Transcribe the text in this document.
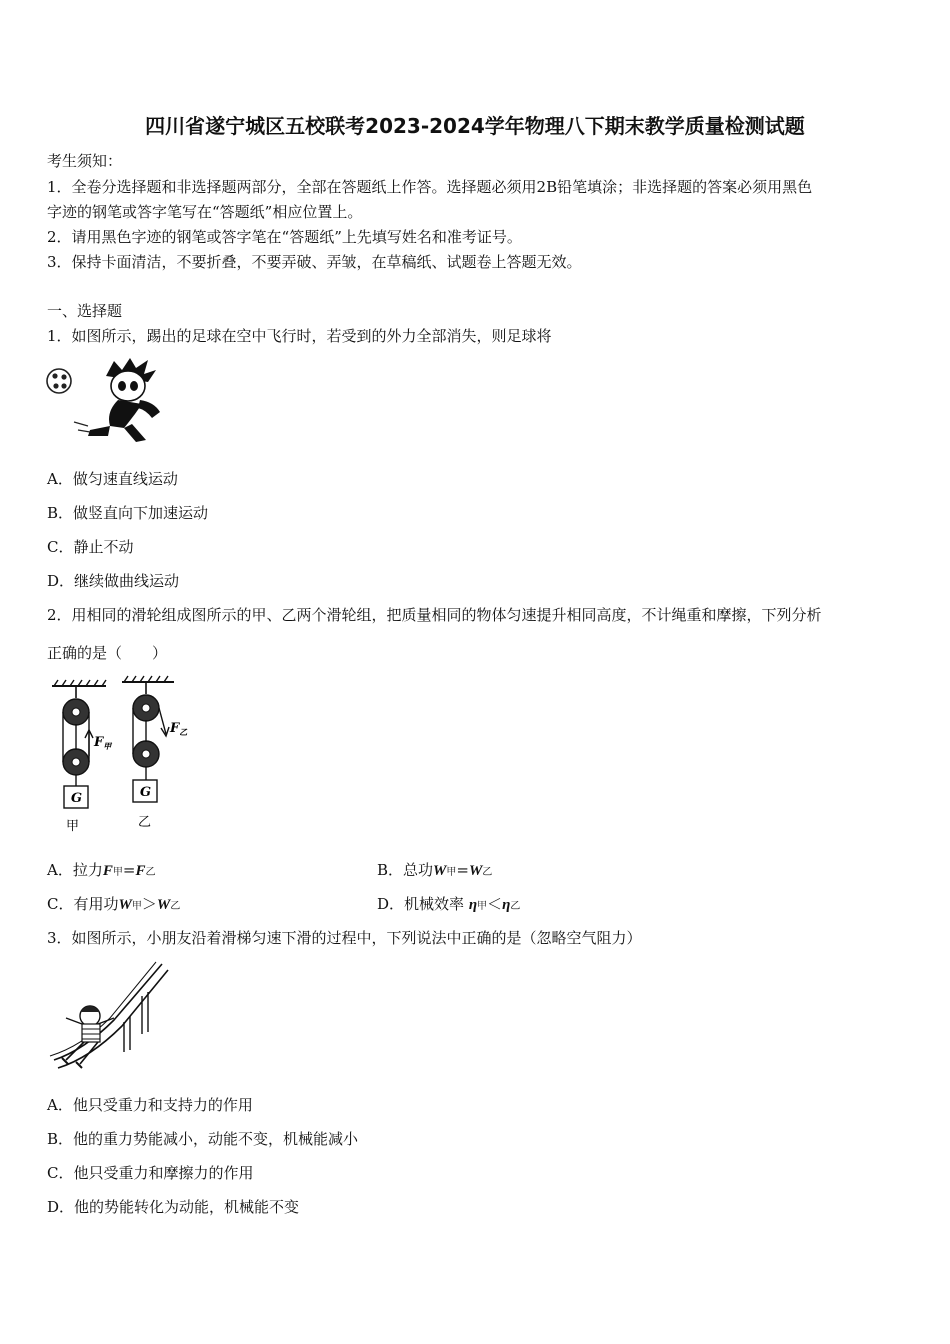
四川省遂宁城区五校联考2023-2024学年物理八下期末教学质量检测试题
考生须知：
1．全卷分选择题和非选择题两部分，全部在答题纸上作答。选择题必须用2B铅笔填涂；非选择题的答案必须用黑色
字迹的钢笔或答字笔写在“答题纸”相应位置上。
2．请用黑色字迹的钢笔或答字笔在“答题纸”上先填写姓名和准考证号。
3．保持卡面清洁，不要折叠，不要弄破、弄皱，在草稿纸、试题卷上答题无效。
一、选择题
1．如图所示，踢出的足球在空中飞行时，若受到的外力全部消失，则足球将
A．做匀速直线运动
B．做竖直向下加速运动
C．静止不动
D．继续做曲线运动
2．用相同的滑轮组成图所示的甲、乙两个滑轮组，把质量相同的物体匀速提升相同高度，不计绳重和摩擦，下列分析
正确的是（　　）
$F_甲$
G
甲
$F_乙$
G
乙
A．拉力F甲=F乙	B．总功W甲=W乙
C．有用功W甲＞W乙	D．机械效率 η甲＜η乙
3．如图所示，小朋友沿着滑梯匀速下滑的过程中，下列说法中正确的是（忽略空气阻力）
A．他只受重力和支持力的作用
B．他的重力势能减小，动能不变，机械能减小
C．他只受重力和摩擦力的作用
D．他的势能转化为动能，机械能不变
